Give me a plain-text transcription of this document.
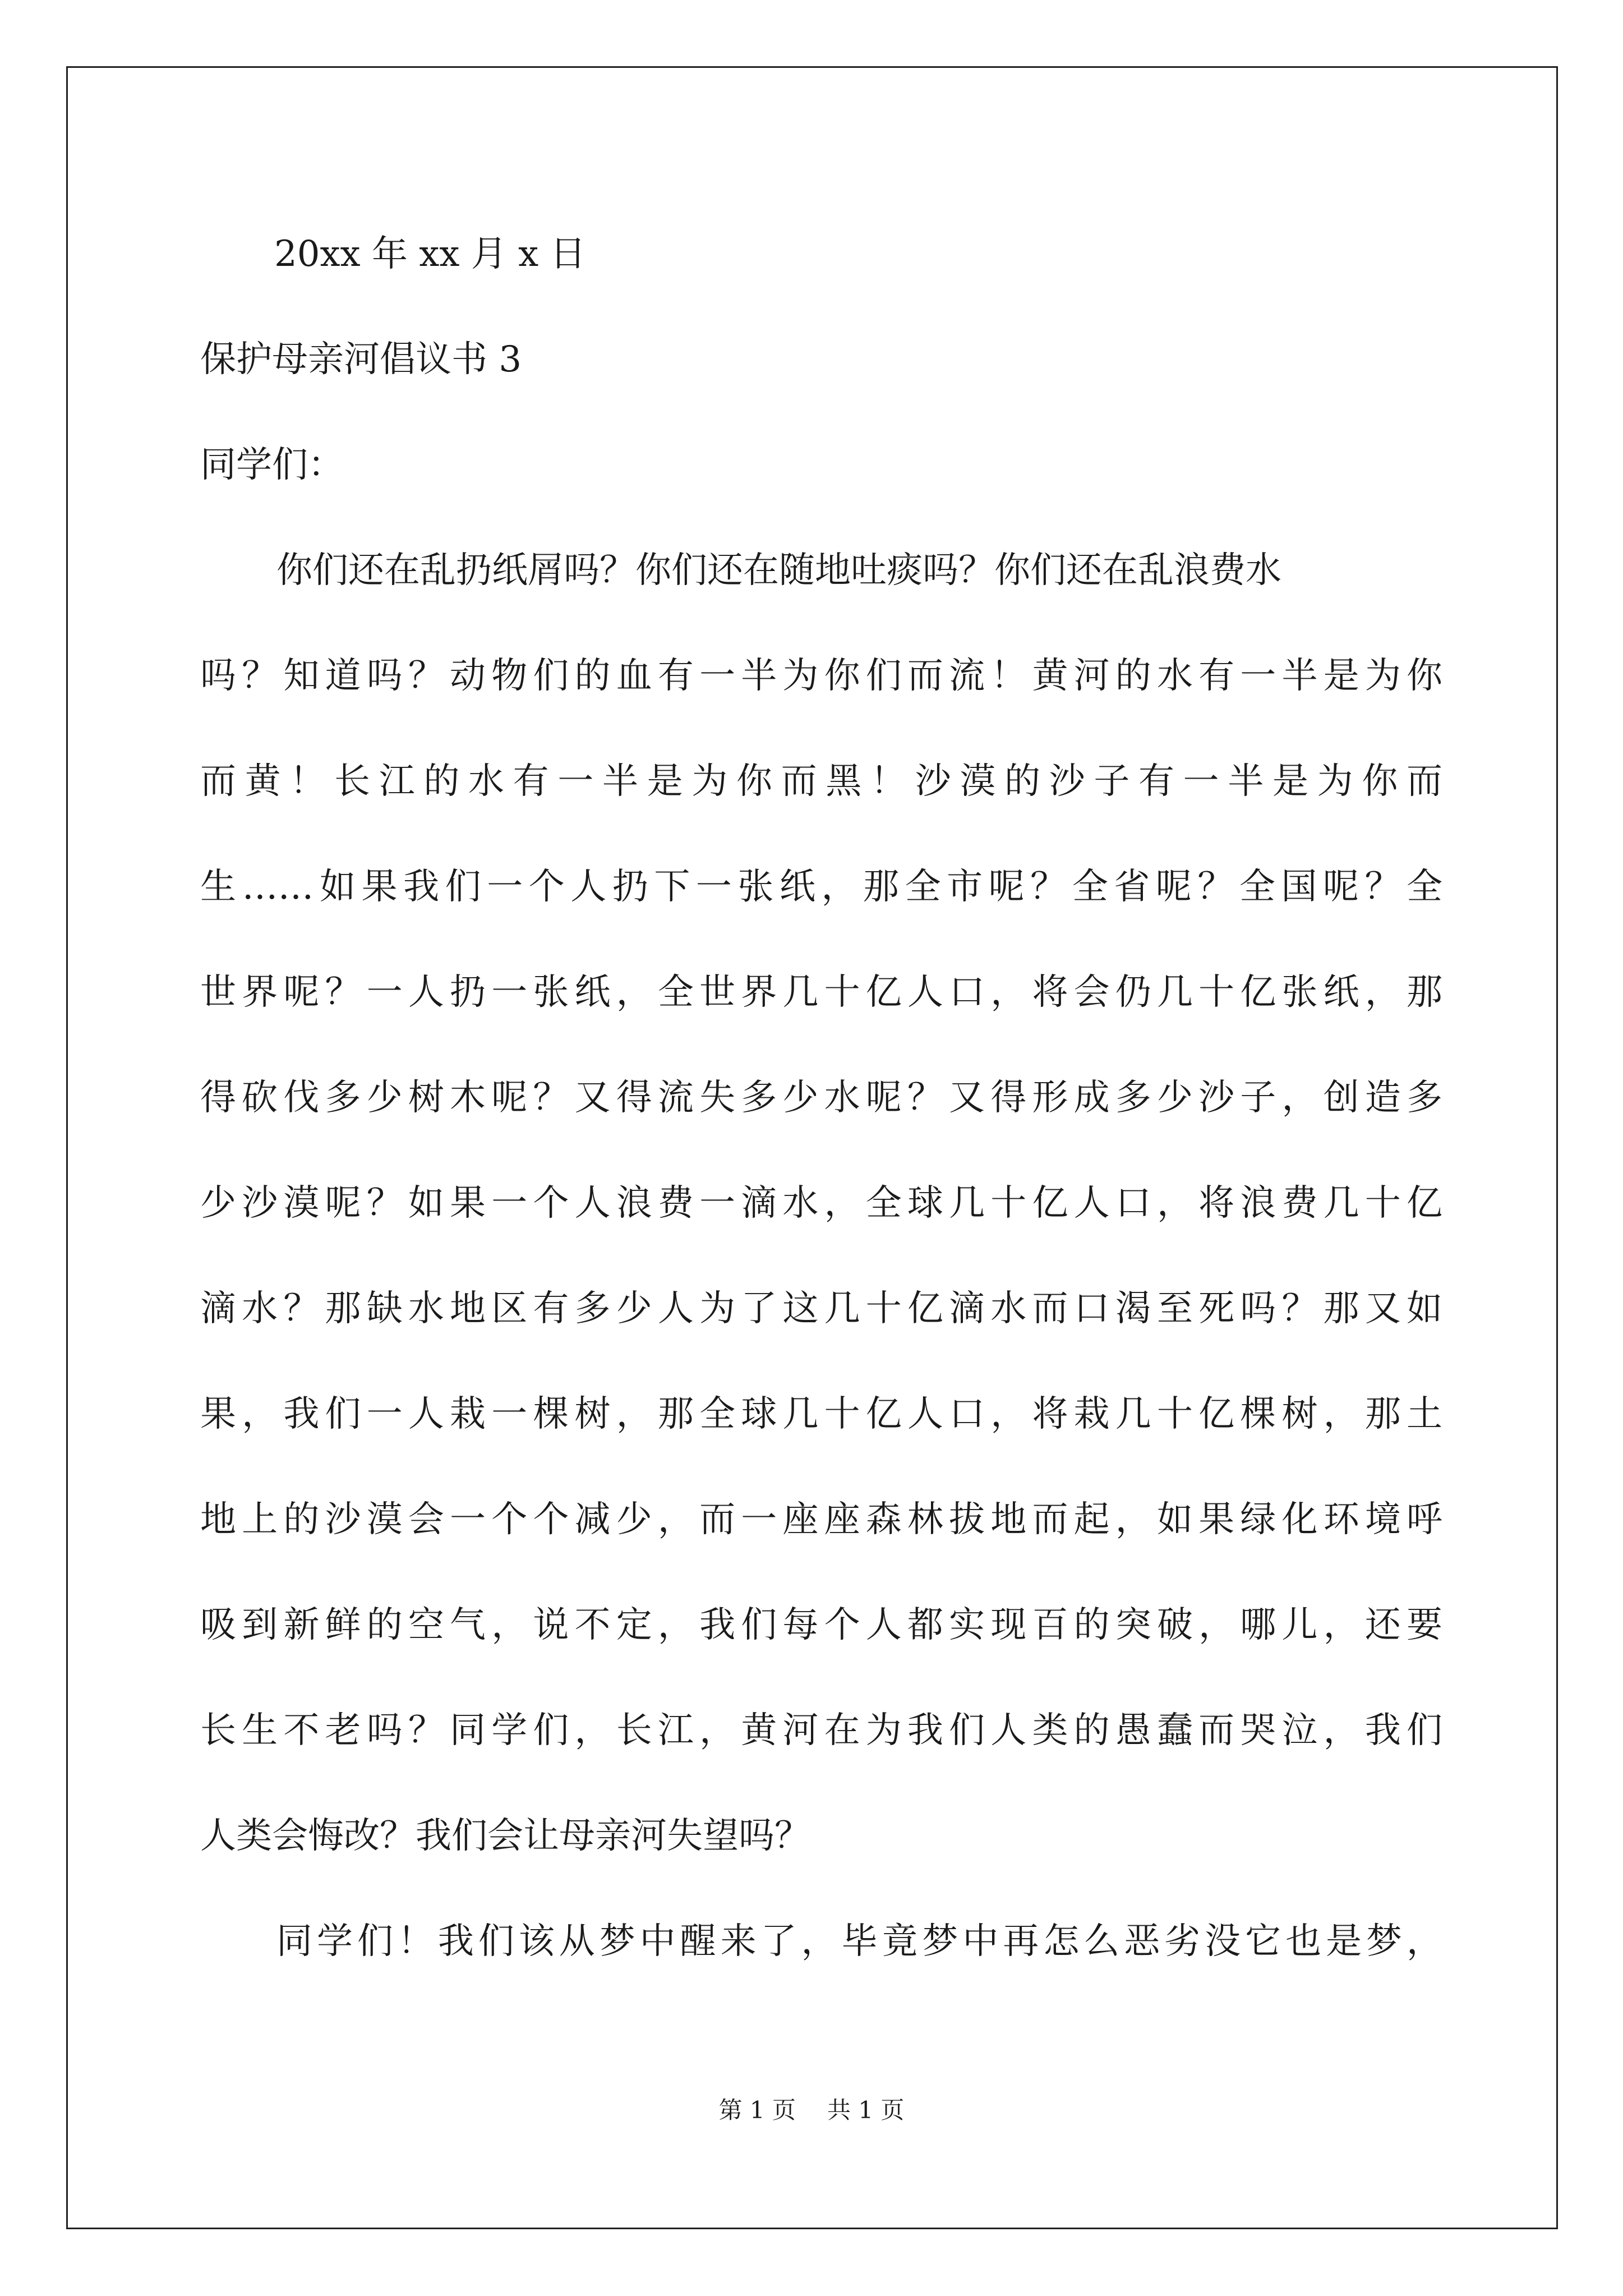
20xx 年 xx 月 x 日
保护母亲河倡议书 3
同学们：
你们还在乱扔纸屑吗？你们还在随地吐痰吗？你们还在乱浪费水
吗？知道吗？动物们的血有一半为你们而流！黄河的水有一半是为你
而黄！长江的水有一半是为你而黑！沙漠的沙子有一半是为你而
生……如果我们一个人扔下一张纸，那全市呢？全省呢？全国呢？全
世界呢？一人扔一张纸，全世界几十亿人口，将会仍几十亿张纸，那
得砍伐多少树木呢？又得流失多少水呢？又得形成多少沙子，创造多
少沙漠呢？如果一个人浪费一滴水，全球几十亿人口，将浪费几十亿
滴水？那缺水地区有多少人为了这几十亿滴水而口渴至死吗？那又如
果，我们一人栽一棵树，那全球几十亿人口，将栽几十亿棵树，那土
地上的沙漠会一个个减少，而一座座森林拔地而起，如果绿化环境呼
吸到新鲜的空气，说不定，我们每个人都实现百的突破，哪儿，还要
长生不老吗？同学们，长江，黄河在为我们人类的愚蠢而哭泣，我们
人类会悔改？我们会让母亲河失望吗？
同学们！我们该从梦中醒来了，毕竟梦中再怎么恶劣没它也是梦，
第 1 页 共 1 页
